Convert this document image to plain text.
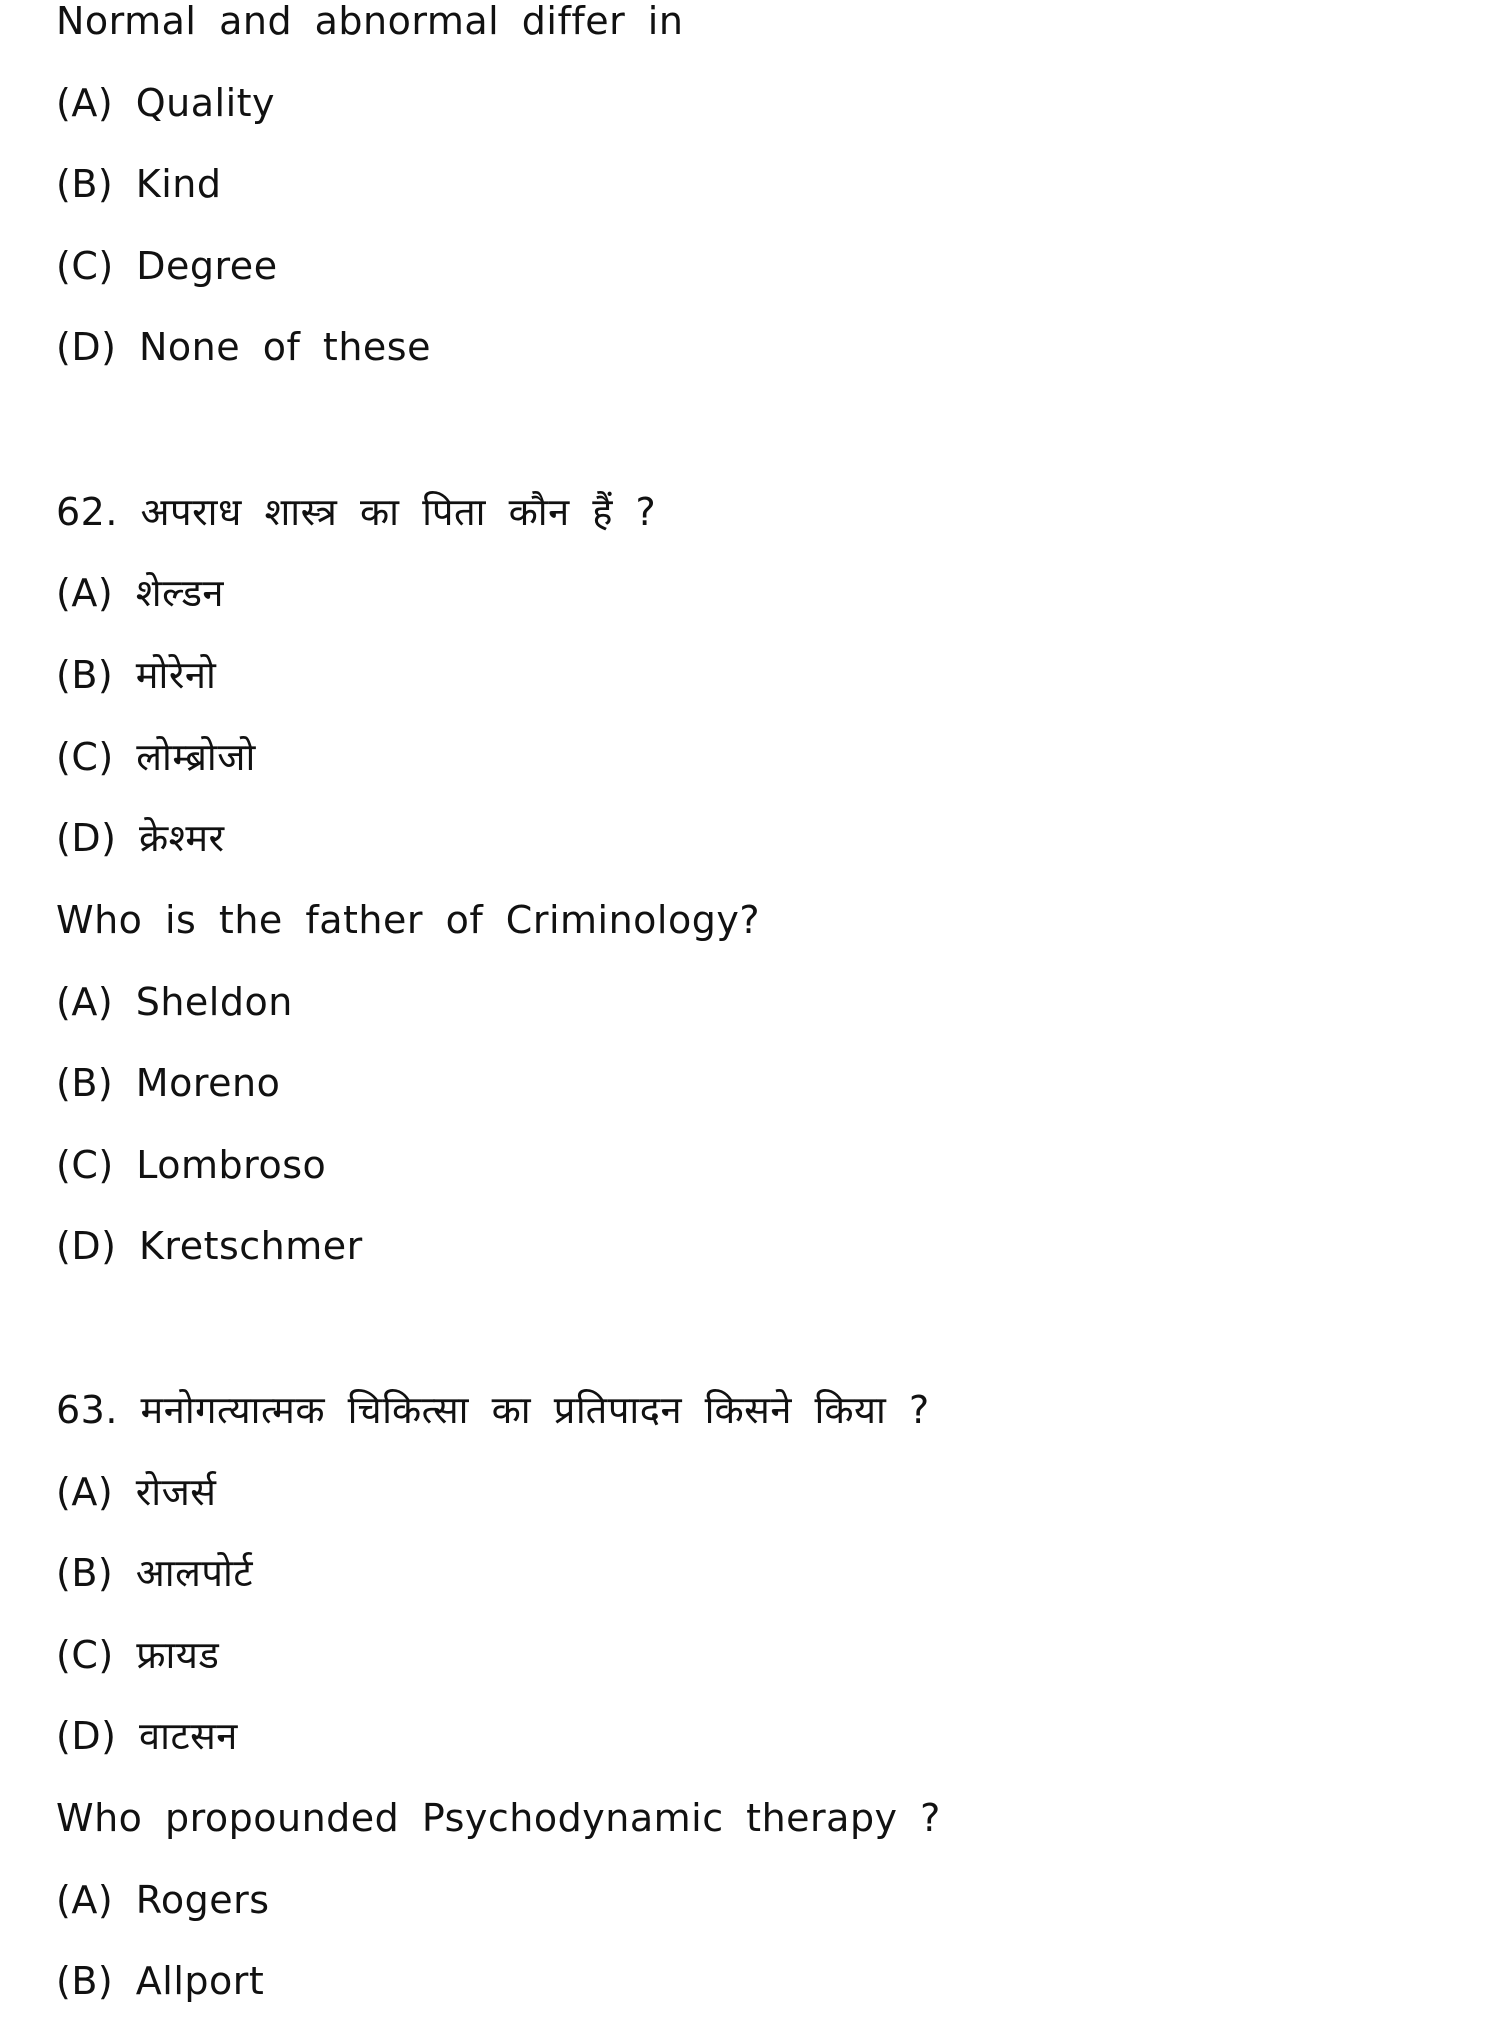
Normal and abnormal differ in
(A) Quality
(B) Kind
(C) Degree
(D) None of these
62. अपराध शास्त्र का पिता कौन हैं ?
(A) शेल्डन
(B) मोरेनो
(C) लोम्ब्रोजो
(D) क्रेश्मर
Who is the father of Criminology?
(A) Sheldon
(B) Moreno
(C) Lombroso
(D) Kretschmer
63. मनोगत्यात्मक चिकित्सा का प्रतिपादन किसने किया ?
(A) रोजर्स
(B) आलपोर्ट
(C) फ्रायड
(D) वाटसन
Who propounded Psychodynamic therapy ?
(A) Rogers
(B) Allport
